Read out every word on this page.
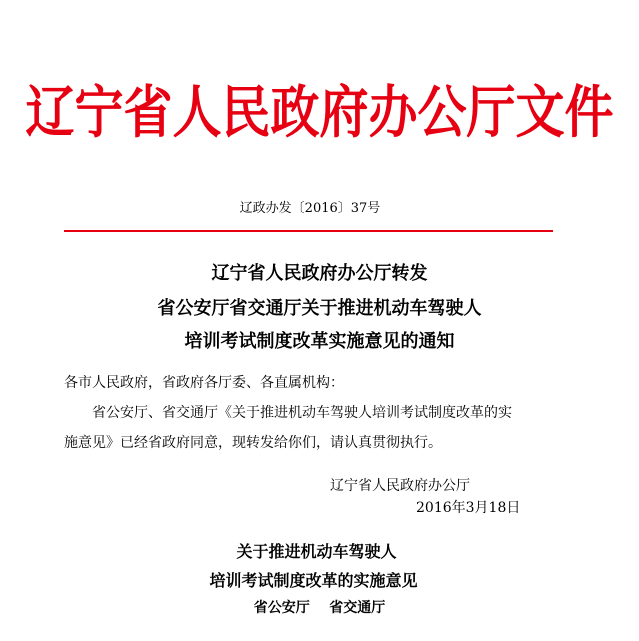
辽宁省人民政府办公厅文件
辽政办发〔2016〕37号
辽宁省人民政府办公厅转发
省公安厅省交通厅关于推进机动车驾驶人
培训考试制度改革实施意见的通知
各市人民政府，省政府各厅委、各直属机构：
省公安厅、省交通厅《关于推进机动车驾驶人培训考试制度改革的实
施意见》已经省政府同意，现转发给你们，请认真贯彻执行。
辽宁省人民政府办公厅
2016年3月18日
关于推进机动车驾驶人
培训考试制度改革的实施意见
省公安厅    省交通厅
